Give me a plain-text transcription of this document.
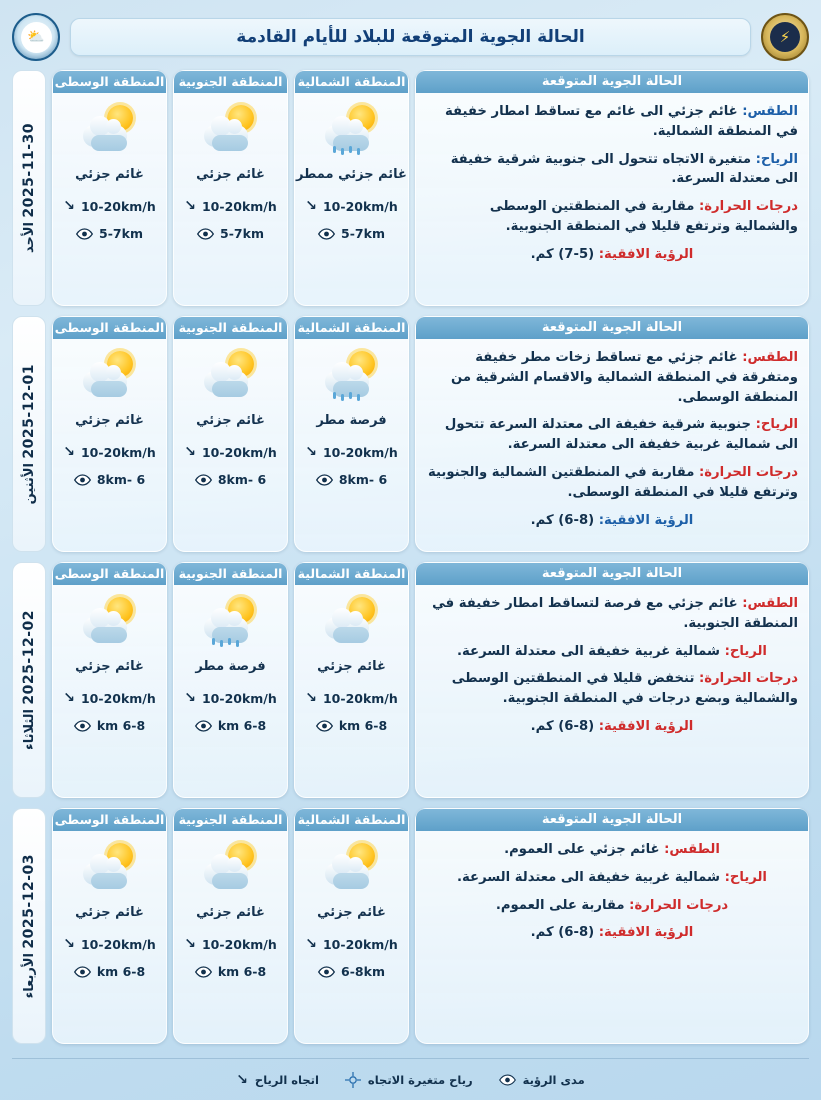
⚡
الحالة الجوية المتوقعة للبلاد للأيام القادمة
⛅
الحالة الجوية المتوقعة

الطقس: غائم جزئي الى غائم مع تساقط امطار خفيفة في المنطقة الشمالية.

الرياح: متغيرة الاتجاه تتحول الى جنوبية شرقية خفيفة الى معتدلة السرعة.

درجات الحرارة: مقاربة في المنطقتين الوسطى والشمالية وترتفع قليلا في المنطقة الجنوبية.

الرؤية الافقية: (5-7) كم.

المنطقة الشمالية
غائم جزئي ممطر
10-20km/h
↘
5-7km
المنطقة الجنوبية
غائم جزئي
10-20km/h
↘
5-7km
المنطقة الوسطى
غائم جزئي
10-20km/h
↘
5-7km
الحالة الجوية المتوقعة

الطقس: غائم جزئي مع تساقط زخات مطر خفيفة ومتفرقة في المنطقة الشمالية والاقسام الشرقية من المنطقة الوسطى.

الرياح: جنوبية شرقية خفيفة الى معتدلة السرعة تتحول الى شمالية غربية خفيفة الى معتدلة السرعة.

درجات الحرارة: مقاربة في المنطقتين الشمالية والجنوبية وترتفع قليلا في المنطقة الوسطى.

الرؤية الافقية: (8-6) كم.

المنطقة الشمالية
فرصة مطر
10-20km/h
↘
6 -8km
المنطقة الجنوبية
غائم جزئي
10-20km/h
↘
6 -8km
المنطقة الوسطى
غائم جزئي
10-20km/h
↘
6 -8km
الحالة الجوية المتوقعة

الطقس: غائم جزئي مع فرصة لتساقط امطار خفيفة في المنطقة الجنوبية.

الرياح: شمالية غربية خفيفة الى معتدلة السرعة.

درجات الحرارة: تنخفض قليلا في المنطقتين الوسطى والشمالية وبضع درجات في المنطقة الجنوبية.

الرؤية الافقية: (8-6) كم.

المنطقة الشمالية
غائم جزئي
10-20km/h
↘
6-8 km
المنطقة الجنوبية
فرصة مطر
10-20km/h
↘
6-8 km
المنطقة الوسطى
غائم جزئي
10-20km/h
↘
6-8 km
الحالة الجوية المتوقعة

الطقس: غائم جزئي على العموم.

الرياح: شمالية غربية خفيفة الى معتدلة السرعة.

درجات الحرارة: مقاربة على العموم.

الرؤية الافقية: (8-6) كم.

المنطقة الشمالية
غائم جزئي
10-20km/h
↘
6-8km
المنطقة الجنوبية
غائم جزئي
10-20km/h
↘
6-8 km
المنطقة الوسطى
غائم جزئي
10-20km/h
↘
6-8 km
2025-11-30
الأحد
2025-12-01
الأثنين
2025-12-02
الثلاثاء
2025-12-03
الأربعاء
مدى الرؤية
رياح متغيرة الاتجاه
اتجاه الرياح
↘
